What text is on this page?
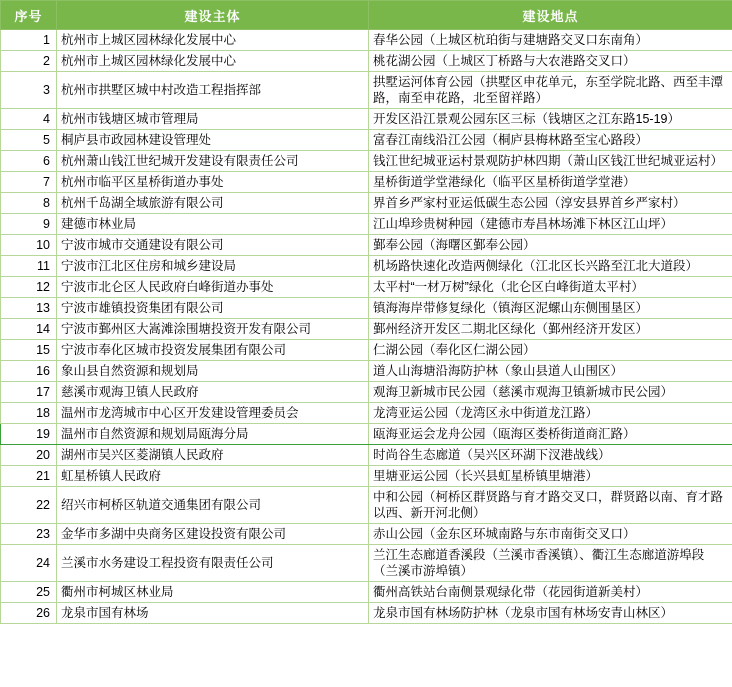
序号	建设主体	建设地点
1	杭州市上城区园林绿化发展中心	春华公园（上城区杭珀街与建塘路交叉口东南角）
2	杭州市上城区园林绿化发展中心	桃花湖公园（上城区丁桥路与大农港路交叉口）
3	杭州市拱墅区城中村改造工程指挥部	拱墅运河体育公园（拱墅区申花单元，东至学院北路、西至丰潭路，南至申花路，北至留祥路）
4	杭州市钱塘区城市管理局	开发区沿江景观公园东区三标（钱塘区之江东路15-19）
5	桐庐县市政园林建设管理处	富春江南线沿江公园（桐庐县梅林路至宝心路段）
6	杭州萧山钱江世纪城开发建设有限责任公司	钱江世纪城亚运村景观防护林四期（萧山区钱江世纪城亚运村）
7	杭州市临平区星桥街道办事处	星桥街道学堂港绿化（临平区星桥街道学堂港）
8	杭州千岛湖全域旅游有限公司	界首乡严家村亚运低碳生态公园（淳安县界首乡严家村）
9	建德市林业局	江山埠珍贵树种园（建德市寿昌林场滩下林区江山坪）
10	宁波市城市交通建设有限公司	鄞奉公园（海曙区鄞奉公园）
11	宁波市江北区住房和城乡建设局	机场路快速化改造两侧绿化（江北区长兴路至江北大道段）
12	宁波市北仑区人民政府白峰街道办事处	太平村“一材万树”绿化（北仑区白峰街道太平村）
13	宁波市雄镇投资集团有限公司	镇海海岸带修复绿化（镇海区泥螺山东侧围垦区）
14	宁波市鄞州区大嵩滩涂围塘投资开发有限公司	鄞州经济开发区二期北区绿化（鄞州经济开发区）
15	宁波市奉化区城市投资发展集团有限公司	仁湖公园（奉化区仁湖公园）
16	象山县自然资源和规划局	道人山海塘沿海防护林（象山县道人山围区）
17	慈溪市观海卫镇人民政府	观海卫新城市民公园（慈溪市观海卫镇新城市民公园）
18	温州市龙湾城市中心区开发建设管理委员会	龙湾亚运公园（龙湾区永中街道龙江路）
19	温州市自然资源和规划局瓯海分局	瓯海亚运会龙舟公园（瓯海区娄桥街道商汇路）
20	湖州市吴兴区菱湖镇人民政府	时尚谷生态廊道（吴兴区环湖下汊港战线）
21	虹星桥镇人民政府	里塘亚运公园（长兴县虹星桥镇里塘港）
22	绍兴市柯桥区轨道交通集团有限公司	中和公园（柯桥区群贤路与育才路交叉口，群贤路以南、育才路以西、新开河北侧）
23	金华市多湖中央商务区建设投资有限公司	赤山公园（金东区环城南路与东市南街交叉口）
24	兰溪市水务建设工程投资有限责任公司	兰江生态廊道香溪段（兰溪市香溪镇）、衢江生态廊道游埠段（兰溪市游埠镇）
25	衢州市柯城区林业局	衢州高铁站台南侧景观绿化带（花园街道新美村）
26	龙泉市国有林场	龙泉市国有林场防护林（龙泉市国有林场安青山林区）
